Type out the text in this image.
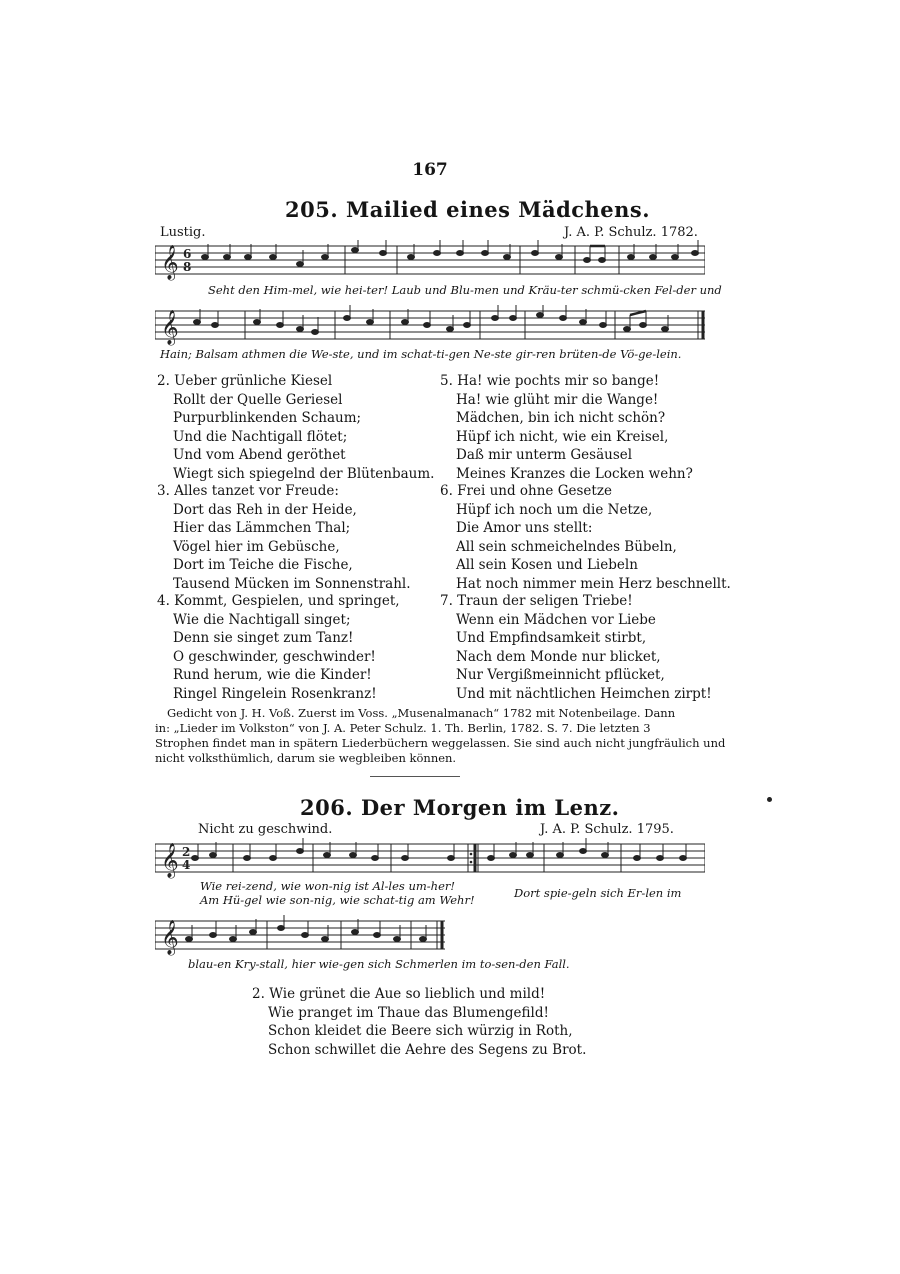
167
205. Mailied eines Mädchens.
Lustig.	J. A. P. Schulz. 1782.
𝄞 6
8
Seht den Him-mel, wie hei-ter! Laub und Blu-men und Kräu-ter schmü-cken Fel-der und
𝄞
Hain; Balsam athmen die We-ste, und im schat-ti-gen Ne-ste gir-ren brüten-de Vö-ge-lein.
2. Ueber grünliche Kiesel
Rollt der Quelle Geriesel
Purpurblinkenden Schaum;
Und die Nachtigall flötet;
Und vom Abend geröthet
Wiegt sich spiegelnd der Blütenbaum.
3. Alles tanzet vor Freude:
Dort das Reh in der Heide,
Hier das Lämmchen Thal;
Vögel hier im Gebüsche,
Dort im Teiche die Fische,
Tausend Mücken im Sonnenstrahl.
4. Kommt, Gespielen, und springet,
Wie die Nachtigall singet;
Denn sie singet zum Tanz!
O geschwinder, geschwinder!
Rund herum, wie die Kinder!
Ringel Ringelein Rosenkranz!
5. Ha! wie pochts mir so bange!
Ha! wie glüht mir die Wange!
Mädchen, bin ich nicht schön?
Hüpf ich nicht, wie ein Kreisel,
Daß mir unterm Gesäusel
Meines Kranzes die Locken wehn?
6. Frei und ohne Gesetze
Hüpf ich noch um die Netze,
Die Amor uns stellt:
All sein schmeichelndes Bübeln,
All sein Kosen und Liebeln
Hat noch nimmer mein Herz beschnellt.
7. Traun der seligen Triebe!
Wenn ein Mädchen vor Liebe
Und Empfindsamkeit stirbt,
Nach dem Monde nur blicket,
Nur Vergißmeinnicht pflücket,
Und mit nächtlichen Heimchen zirpt!
Gedicht von J. H. Voß. Zuerst im Voss. „Musenalmanach“ 1782 mit Notenbeilage. Dann
in: „Lieder im Volkston“ von J. A. Peter Schulz. 1. Th. Berlin, 1782. S. 7. Die letzten 3
Strophen findet man in spätern Liederbüchern weggelassen. Sie sind auch nicht jungfräulich und
nicht volksthümlich, darum sie wegbleiben können.
206. Der Morgen im Lenz.
Nicht zu geschwind.	J. A. P. Schulz. 1795.
𝄞 2
4
Wie rei-zend, wie won-nig ist Al-les um-her!
Am Hü-gel wie son-nig, wie schat-tig am Wehr!	Dort spie-geln sich Er-len im
𝄞
blau-en Kry-stall, hier wie-gen sich Schmerlen im to-sen-den Fall.
2. Wie grünet die Aue so lieblich und mild!
Wie pranget im Thaue das Blumengefild!
Schon kleidet die Beere sich würzig in Roth,
Schon schwillet die Aehre des Segens zu Brot.
